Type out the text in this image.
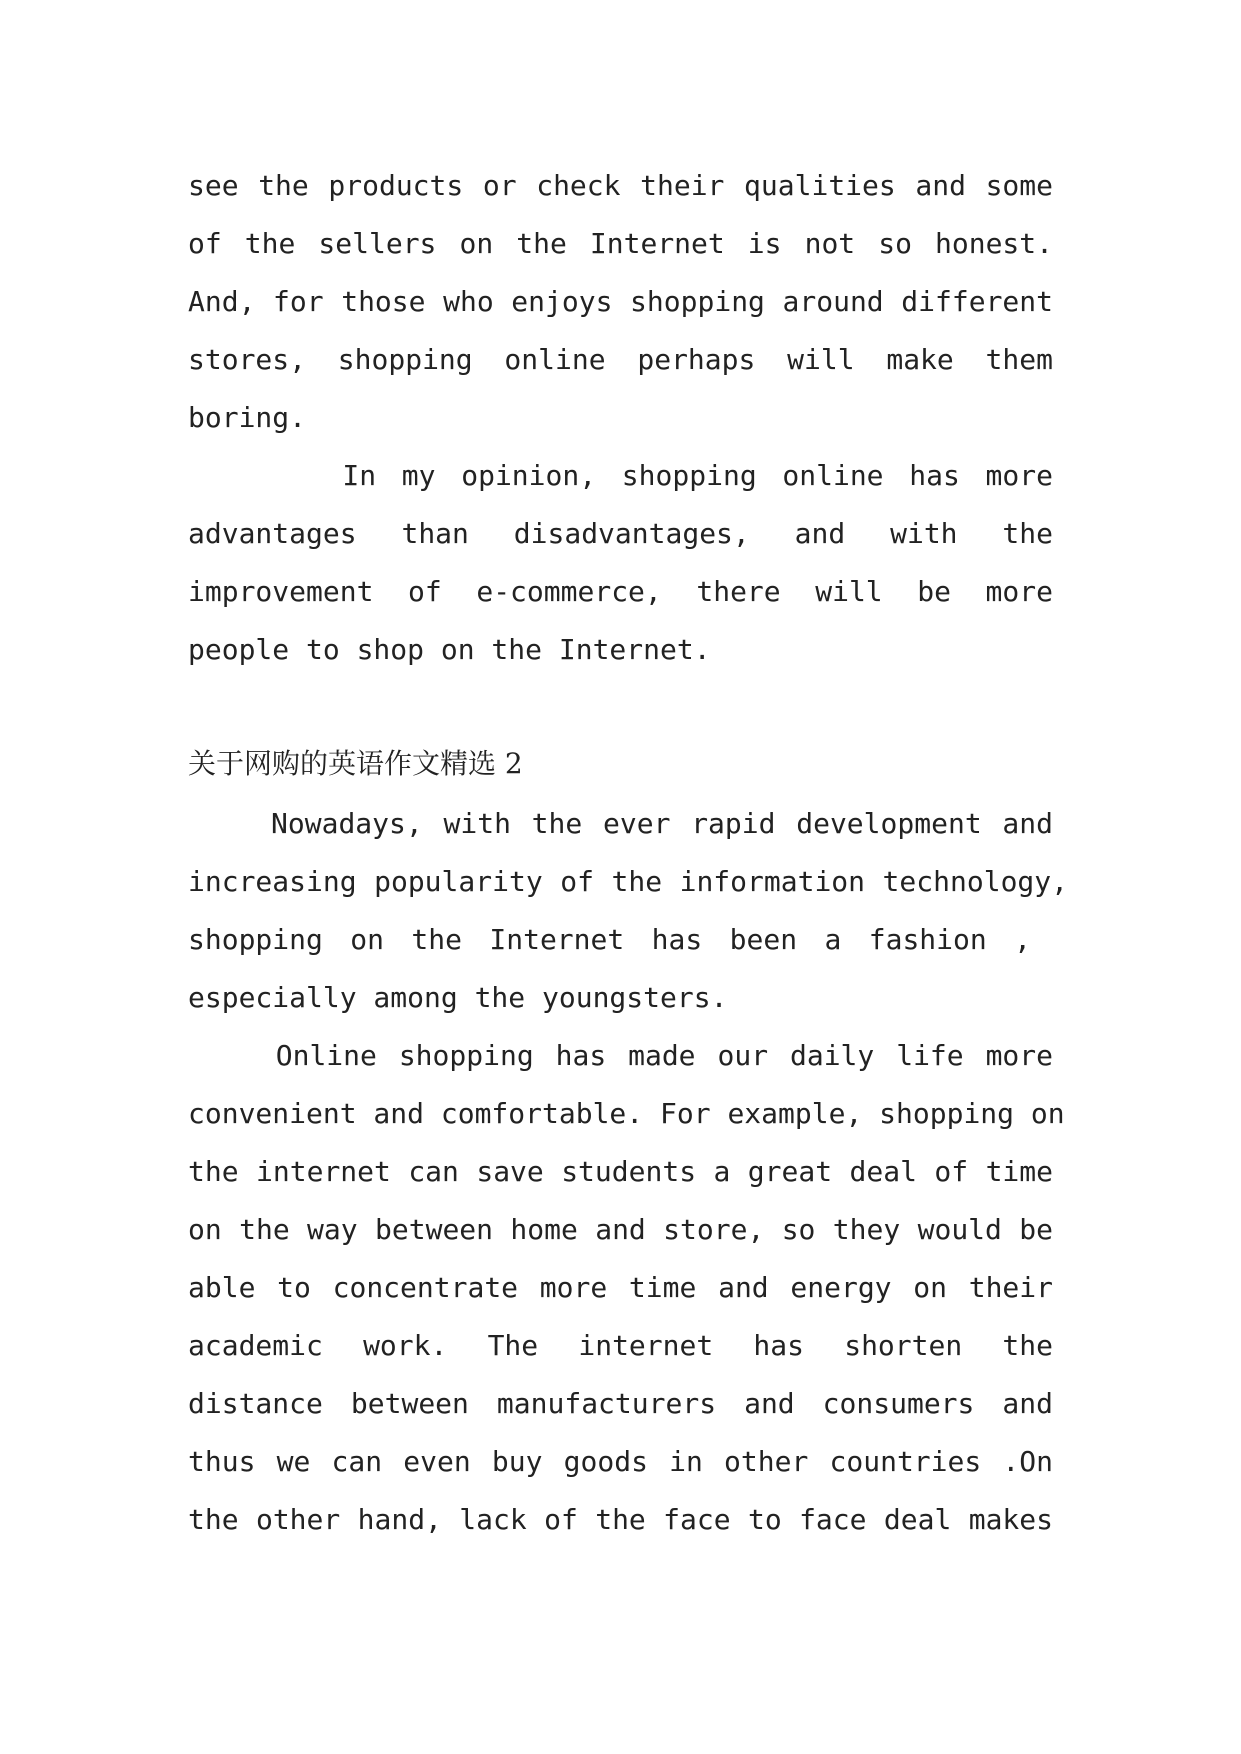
see the products or check their qualities and some
of the sellers on the Internet is not so honest.
And, for those who enjoys shopping around different
stores, shopping online perhaps will make them
boring.
In my opinion, shopping online has more
advantages than disadvantages, and with the
improvement of e-commerce, there will be more
people to shop on the Internet.
关于网购的英语作文精选 2
Nowadays, with the ever rapid development and
increasing popularity of the information technology,
shopping on the Internet has been a fashion ,
especially among the youngsters.
Online shopping has made our daily life more
convenient and comfortable. For example, shopping on
the internet can save students a great deal of time
on the way between home and store, so they would be
able to concentrate more time and energy on their
academic work. The internet has shorten the
distance between manufacturers and consumers and
thus we can even buy goods in other countries .On
the other hand, lack of the face to face deal makes
